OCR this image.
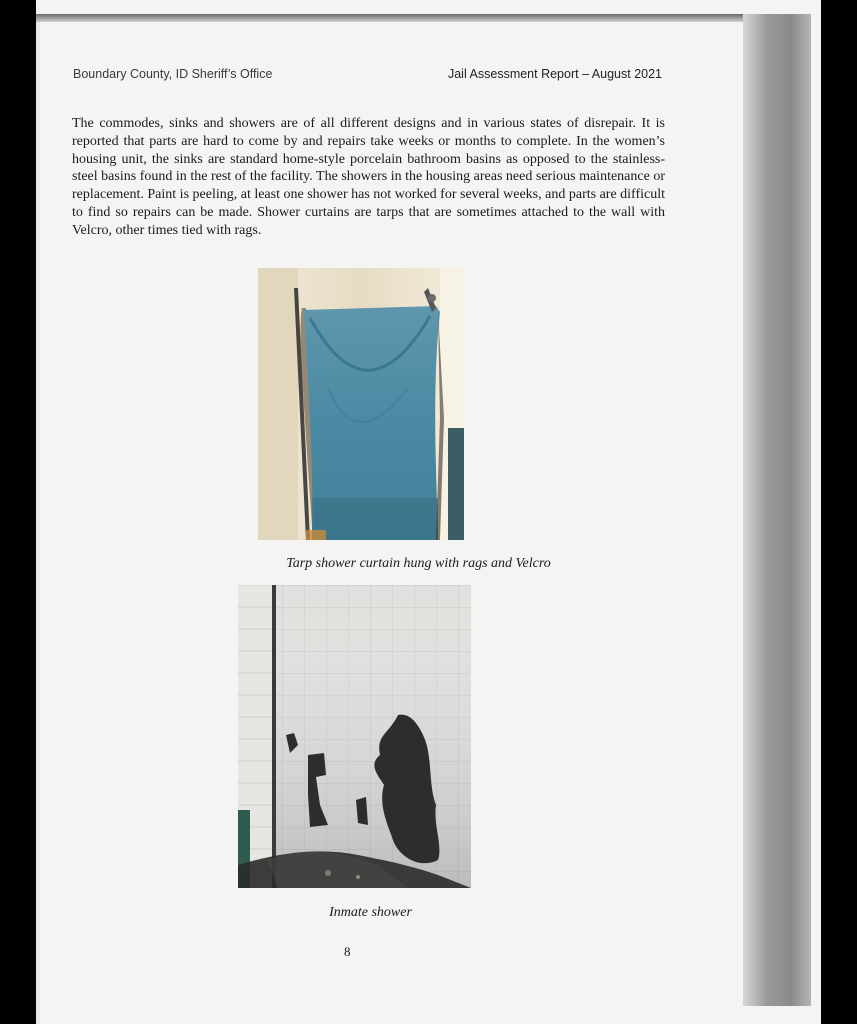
Boundary County, ID Sheriff’s Office	Jail Assessment Report – August 2021
The commodes, sinks and showers are of all different designs and in various states of disrepair. It is reported that parts are hard to come by and repairs take weeks or months to complete. In the women’s housing unit, the sinks are standard home-style porcelain bathroom basins as opposed to the stainless-steel basins found in the rest of the facility. The showers in the housing areas need serious maintenance or replacement. Paint is peeling, at least one shower has not worked for several weeks, and parts are difficult to find so repairs can be made. Shower curtains are tarps that are sometimes attached to the wall with Velcro, other times tied with rags.
Tarp shower curtain hung with rags and Velcro
Inmate shower
8
